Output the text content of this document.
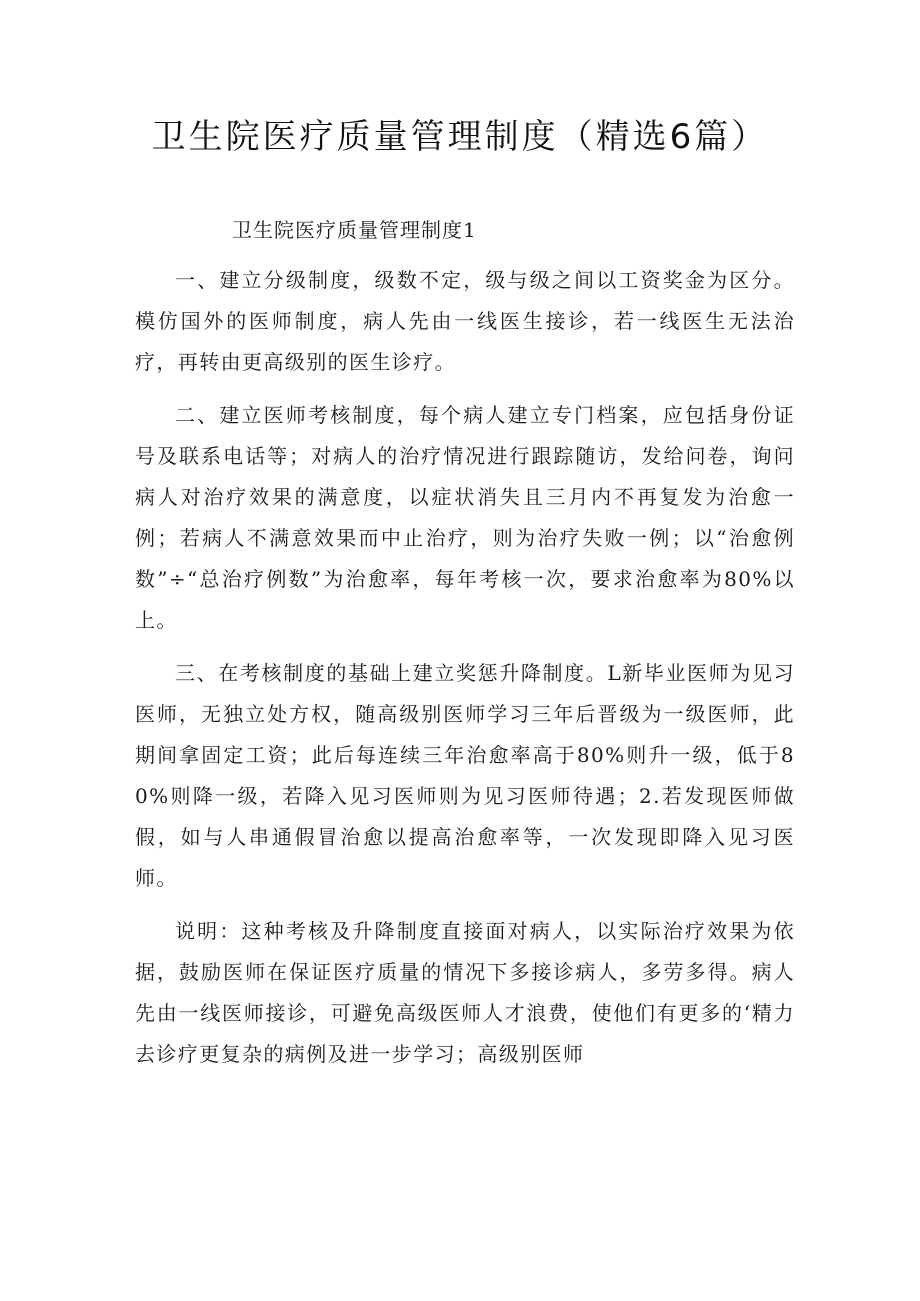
卫生院医疗质量管理制度（精选6篇）
卫生院医疗质量管理制度1

一、建立分级制度，级数不定，级与级之间以工资奖金为区分。模仿国外的医师制度，病人先由一线医生接诊，若一线医生无法治疗，再转由更高级别的医生诊疗。

二、建立医师考核制度，每个病人建立专门档案，应包括身份证号及联系电话等；对病人的治疗情况进行跟踪随访，发给问卷，询问病人对治疗效果的满意度，以症状消失且三月内不再复发为治愈一例；若病人不满意效果而中止治疗，则为治疗失败一例；以“治愈例数”÷“总治疗例数”为治愈率，每年考核一次，要求治愈率为80%以上。

三、在考核制度的基础上建立奖惩升降制度。L新毕业医师为见习医师，无独立处方权，随高级别医师学习三年后晋级为一级医师，此期间拿固定工资；此后每连续三年治愈率高于80%则升一级，低于80%则降一级，若降入见习医师则为见习医师待遇；2.若发现医师做假，如与人串通假冒治愈以提高治愈率等，一次发现即降入见习医师。

说明：这种考核及升降制度直接面对病人，以实际治疗效果为依据，鼓励医师在保证医疗质量的情况下多接诊病人，多劳多得。病人先由一线医师接诊，可避免高级医师人才浪费，使他们有更多的‘精力去诊疗更复杂的病例及进一步学习；高级别医师
